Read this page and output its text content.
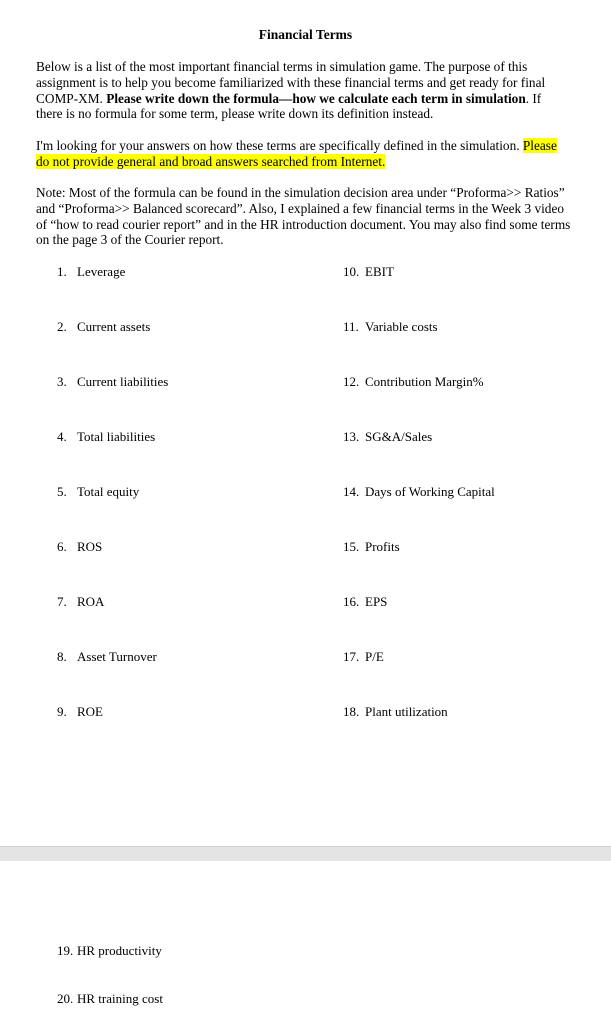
Financial Terms
Below is a list of the most important financial terms in simulation game. The purpose of this assignment is to help you become familiarized with these financial terms and get ready for final COMP-XM. Please write down the formula—how we calculate each term in simulation. If there is no formula for some term, please write down its definition instead.
I'm looking for your answers on how these terms are specifically defined in the simulation. Please do not provide general and broad answers searched from Internet.
Note: Most of the formula can be found in the simulation decision area under “Proforma>> Ratios” and “Proforma>> Balanced scorecard”. Also, I explained a few financial terms in the Week 3 video of “how to read courier report” and in the HR introduction document. You may also find some terms on the page 3 of the Courier report.
1. Leverage
2. Current assets
3. Current liabilities
4. Total liabilities
5. Total equity
6. ROS
7. ROA
8. Asset Turnover
9. ROE
10. EBIT
11. Variable costs
12. Contribution Margin%
13. SG&A/Sales
14. Days of Working Capital
15. Profits
16. EPS
17. P/E
18. Plant utilization
19. HR productivity
20. HR training cost
